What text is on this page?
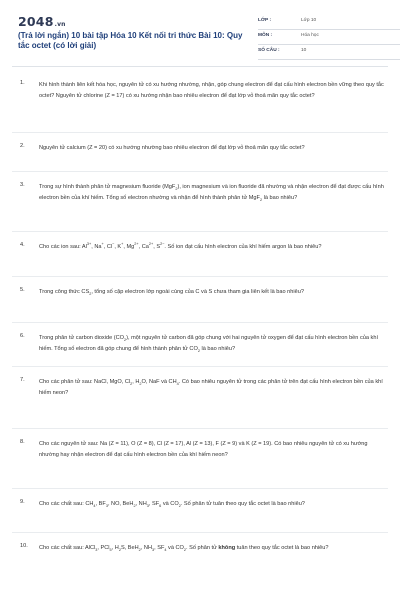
2048.vn
(Trả lời ngắn) 10 bài tập Hóa 10 Kết nối tri thức Bài 10: Quy tắc octet (có lời giải)
LỚP :	Lớp 10
MÔN :	Hóa học
SỐ CÂU :	10
1.	Khi hình thành liên kết hóa học, nguyên tử có xu hướng nhường, nhận, góp chung electron để đạt cấu hình electron bền vững theo quy tắc octet? Nguyên tử chlorine (Z = 17) có xu hướng nhận bao nhiêu electron để đạt lớp vỏ thoả mãn quy tắc octet?
2.	Nguyên tử calcium (Z = 20) có xu hướng nhường bao nhiêu electron để đạt lớp vỏ thoả mãn quy tắc octet?
3.	Trong sự hình thành phân tử magnesium fluoride (MgF$_2$), ion magnesium và ion fluoride đã nhường và nhận electron để đạt được cấu hình electron bền của khí hiếm. Tổng số electron nhường và nhận để hình thành phân tử MgF$_2$ là bao nhiêu?
4.	Cho các ion sau: $Al^{3+}$, Na+, Cl−, K+, $Mg^{2+}$, $Ca^{2+}$, $S^{2-}$. Số ion đạt cấu hình electron của khí hiếm argon là bao nhiêu?
5.	Trong công thức $CS_2$, tổng số cặp electron lớp ngoài cùng của C và S chưa tham gia liên kết là bao nhiêu?
6.	Trong phân tử carbon dioxide $(CO_2)$, một nguyên tử carbon đã góp chung với hai nguyên tử oxygen để đạt cấu hình electron bền của khí hiếm. Tổng số electron đã góp chung để hình thành phân tử $CO_2$ là bao nhiêu?
7.	Cho các phân tử sau: NaCl, MgO, $Cl_2$, $H_2O$, NaF và $CH_4$. Có bao nhiêu nguyên tử trong các phân tử trên đạt cấu hình electron bền của khí hiếm neon?
8.	Cho các nguyên tử sau: Na (Z = 11), O (Z = 8), Cl (Z = 17), Al (Z = 13), F (Z = 9) và K (Z = 19). Có bao nhiêu nguyên tử có xu hướng nhường hay nhận electron để đạt cấu hình electron bền của khí hiếm neon?
9.	Cho các chất sau: $CH_4$, $BF_3$, NO, BeH$_2$, $NH_3$, $SF_6$ và $CO_2$. Số phân tử tuân theo quy tắc octet là bao nhiêu?
10. Cho các chất sau: AlCl$_3$, PCl$_5$, $H_2S$, BeH$_2$, $NH_3$, $SF_4$ và $CO_2$. Số phân tử không tuân theo quy tắc octet là bao nhiêu?
